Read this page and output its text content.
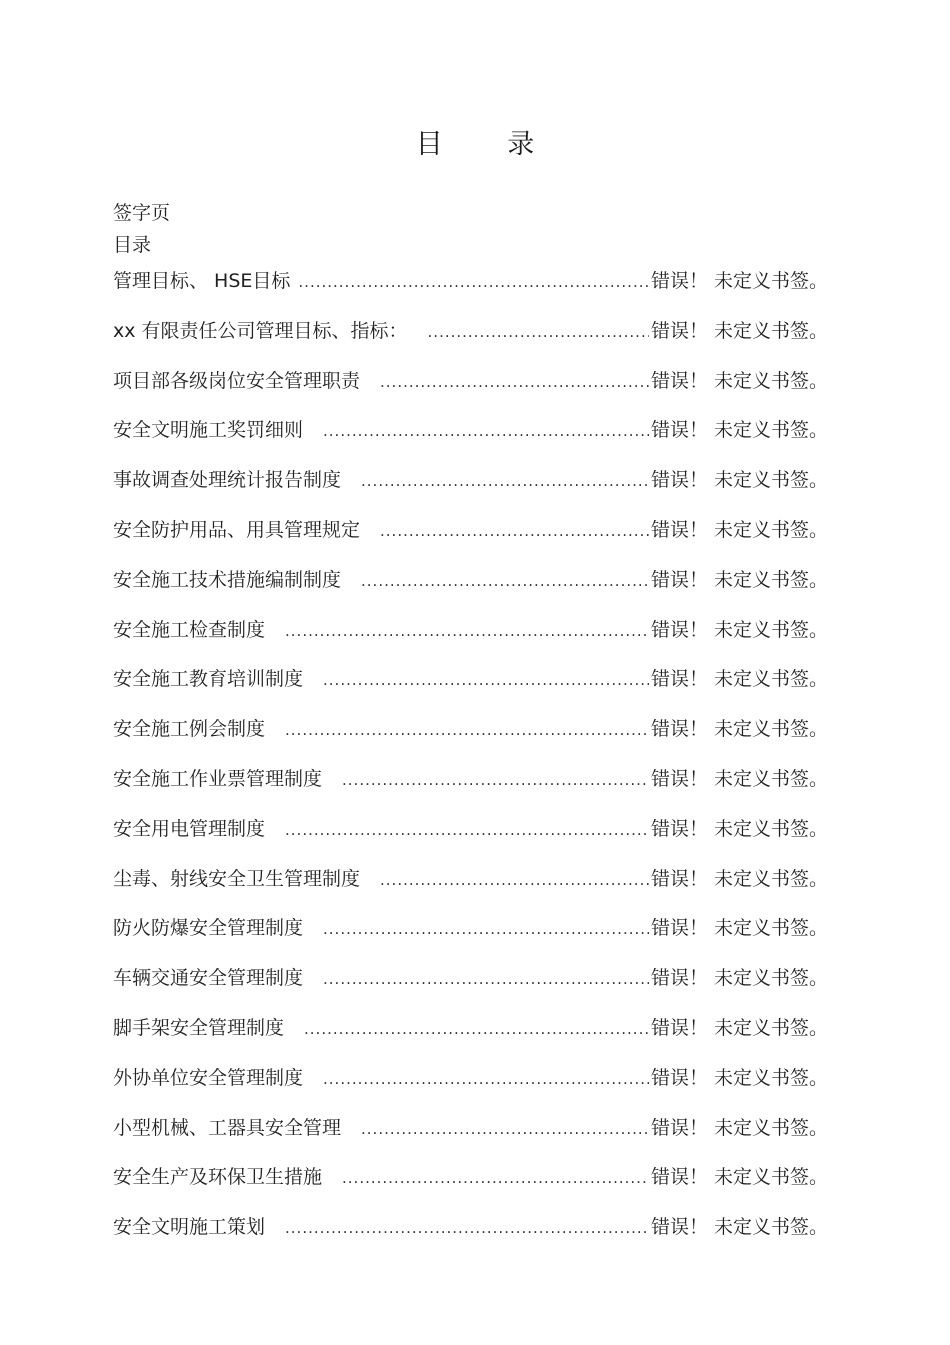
目 录
签字页
目录
管理目标、 HSE目标 .....	错误！ 未定义书签。
xx 有限责任公司管理目标、指标： .....	错误！ 未定义书签。
项目部各级岗位安全管理职责 .....	错误！ 未定义书签。
安全文明施工奖罚细则 .....	错误！ 未定义书签。
事故调查处理统计报告制度 .....	错误！ 未定义书签。
安全防护用品、用具管理规定 .....	错误！ 未定义书签。
安全施工技术措施编制制度 .....	错误！ 未定义书签。
安全施工检查制度 .....	错误！ 未定义书签。
安全施工教育培训制度 .....	错误！ 未定义书签。
安全施工例会制度 .....	错误！ 未定义书签。
安全施工作业票管理制度 .....	错误！ 未定义书签。
安全用电管理制度 .....	错误！ 未定义书签。
尘毒、射线安全卫生管理制度 .....	错误！ 未定义书签。
防火防爆安全管理制度 .....	错误！ 未定义书签。
车辆交通安全管理制度 .....	错误！ 未定义书签。
脚手架安全管理制度 .....	错误！ 未定义书签。
外协单位安全管理制度 .....	错误！ 未定义书签。
小型机械、工器具安全管理 .....	错误！ 未定义书签。
安全生产及环保卫生措施 .....	错误！ 未定义书签。
安全文明施工策划 .....	错误！ 未定义书签。
